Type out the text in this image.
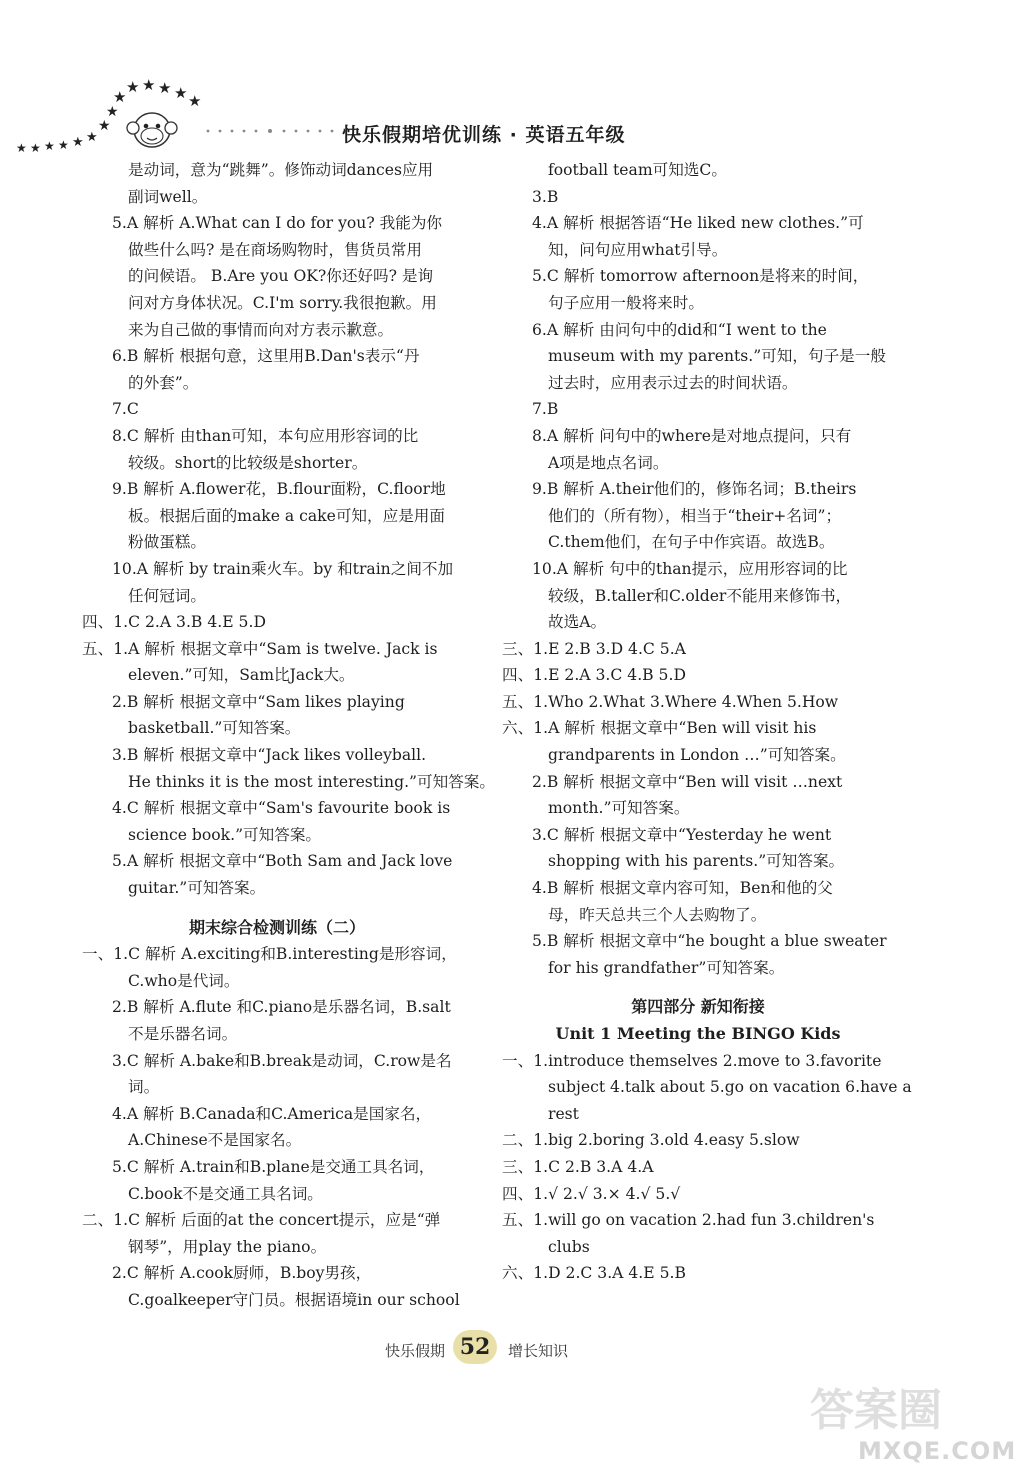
★ ★ ★ ★ ★ ★
★
★
★
★ ★ ★ ★ ★
快乐假期培优训练 · 英语五年级
是动词，意为“跳舞”。修饰动词dances应用
副词well。
5.A 解析 A.What can I do for you? 我能为你
做些什么吗? 是在商场购物时，售货员常用
的问候语。 B.Are you OK?你还好吗? 是询
问对方身体状况。C.I'm sorry.我很抱歉。用
来为自己做的事情而向对方表示歉意。
6.B 解析 根据句意，这里用B.Dan's表示“丹
的外套”。
7.C
8.C 解析 由than可知，本句应用形容词的比
较级。short的比较级是shorter。
9.B 解析 A.flower花，B.flour面粉，C.floor地
板。根据后面的make a cake可知，应是用面
粉做蛋糕。
10.A 解析 by train乘火车。by 和train之间不加
任何冠词。
四、1.C 2.A 3.B 4.E 5.D
五、1.A 解析 根据文章中“Sam is twelve. Jack is
eleven.”可知，Sam比Jack大。
2.B 解析 根据文章中“Sam likes playing
basketball.”可知答案。
3.B 解析 根据文章中“Jack likes volleyball.
He thinks it is the most interesting.”可知答案。
4.C 解析 根据文章中“Sam's favourite book is
science book.”可知答案。
5.A 解析 根据文章中“Both Sam and Jack love
guitar.”可知答案。
期末综合检测训练（二）
一、1.C 解析 A.exciting和B.interesting是形容词，
C.who是代词。
2.B 解析 A.flute 和C.piano是乐器名词，B.salt
不是乐器名词。
3.C 解析 A.bake和B.break是动词，C.row是名
词。
4.A 解析 B.Canada和C.America是国家名，
A.Chinese不是国家名。
5.C 解析 A.train和B.plane是交通工具名词，
C.book不是交通工具名词。
二、1.C 解析 后面的at the concert提示，应是“弹
钢琴”，用play the piano。
2.C 解析 A.cook厨师，B.boy男孩，
C.goalkeeper守门员。根据语境in our school
football team可知选C。
3.B
4.A 解析 根据答语“He liked new clothes.”可
知，问句应用what引导。
5.C 解析 tomorrow afternoon是将来的时间，
句子应用一般将来时。
6.A 解析 由问句中的did和“I went to the
museum with my parents.”可知，句子是一般
过去时，应用表示过去的时间状语。
7.B
8.A 解析 问句中的where是对地点提问，只有
A项是地点名词。
9.B 解析 A.their他们的，修饰名词；B.theirs
他们的（所有物），相当于“their+名词”；
C.them他们，在句子中作宾语。故选B。
10.A 解析 句中的than提示，应用形容词的比
较级，B.taller和C.older不能用来修饰书，
故选A。
三、1.E 2.B 3.D 4.C 5.A
四、1.E 2.A 3.C 4.B 5.D
五、1.Who 2.What 3.Where 4.When 5.How
六、1.A 解析 根据文章中“Ben will visit his
grandparents in London …”可知答案。
2.B 解析 根据文章中“Ben will visit …next
month.”可知答案。
3.C 解析 根据文章中“Yesterday he went
shopping with his parents.”可知答案。
4.B 解析 根据文章内容可知，Ben和他的父
母，昨天总共三个人去购物了。
5.B 解析 根据文章中“he bought a blue sweater
for his grandfather”可知答案。
第四部分 新知衔接
Unit 1 Meeting the BINGO Kids
一、1.introduce themselves 2.move to 3.favorite
subject 4.talk about 5.go on vacation 6.have a
rest
二、1.big 2.boring 3.old 4.easy 5.slow
三、1.C 2.B 3.A 4.A
四、1.√ 2.√ 3.× 4.√ 5.√
五、1.will go on vacation 2.had fun 3.children's
clubs
六、1.D 2.C 3.A 4.E 5.B
快乐假期 52	增长知识
答案圈
MXQE.COM
